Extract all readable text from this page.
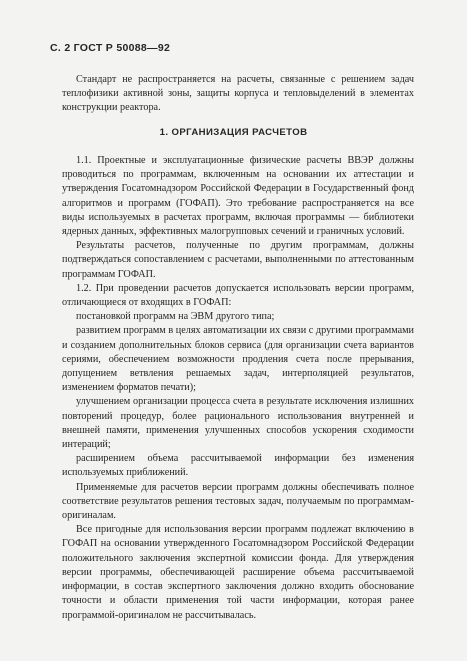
С. 2 ГОСТ Р 50088—92

Стандарт не распространяется на расчеты, связанные с решением задач теплофизики активной зоны, защиты корпуса и тепловыделений в элементах конструкции реактора.

1. ОРГАНИЗАЦИЯ РАСЧЕТОВ

1.1. Проектные и эксплуатационные физические расчеты ВВЭР должны проводиться по программам, включенным на основании их аттестации и утверждения Госатомнадзором Российской Федерации в Государственный фонд алгоритмов и программ (ГОФАП). Это требование распространяется на все виды используемых в расчетах программ, включая программы — библиотеки ядерных данных, эффективных малогрупповых сечений и граничных условий.

Результаты расчетов, полученные по другим программам, должны подтверждаться сопоставлением с расчетами, выполненными по аттестованным программам ГОФАП.

1.2. При проведении расчетов допускается использовать версии программ, отличающиеся от входящих в ГОФАП:

постановкой программ на ЭВМ другого типа;

развитием программ в целях автоматизации их связи с другими программами и созданием дополнительных блоков сервиса (для организации счета вариантов сериями, обеспечением возможности продления счета после прерывания, допущением ветвления решаемых задач, интерполяцией результатов, изменением форматов печати);

улучшением организации процесса счета в результате исключения излишних повторений процедур, более рационального использования внутренней и внешней памяти, применения улучшенных способов ускорения сходимости интераций;

расширением объема рассчитываемой информации без изменения используемых приближений.

Применяемые для расчетов версии программ должны обеспечивать полное соответствие результатов решения тестовых задач, получаемым по программам-оригиналам.

Все пригодные для использования версии программ подлежат включению в ГОФАП на основании утвержденного Госатомнадзором Российской Федерации положительного заключения экспертной комиссии фонда. Для утверждения версии программы, обеспечивающей расширение объема рассчитываемой информации, в состав экспертного заключения должно входить обоснование точности и области применения той части информации, которая ранее программой-оригиналом не рассчитывалась.
